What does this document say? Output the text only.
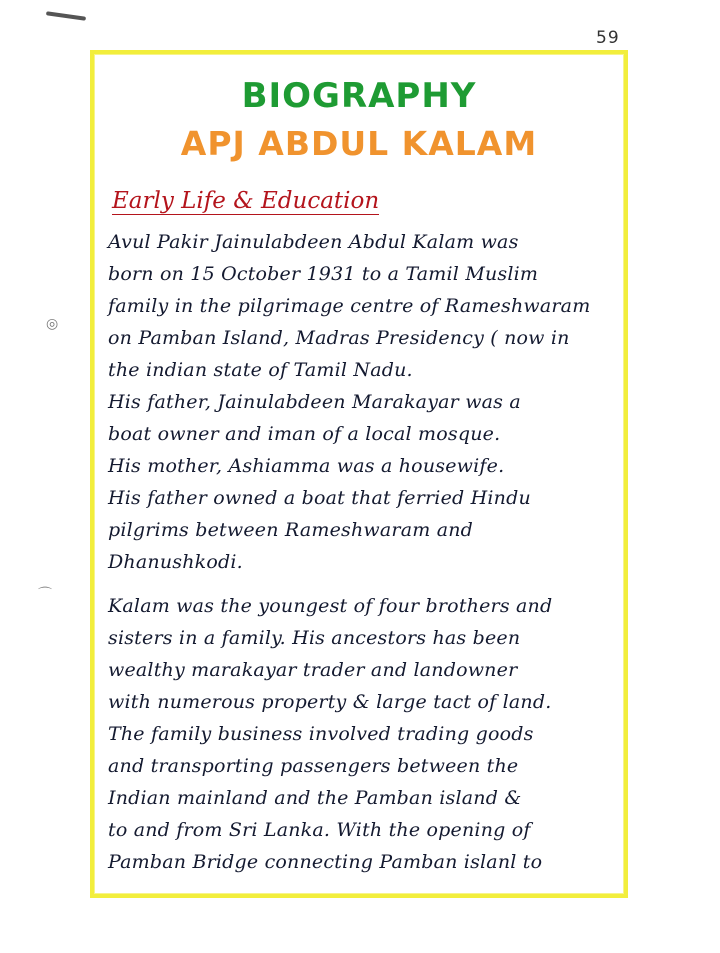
59
◎
⌒
BIOGRAPHY
APJ ABDUL KALAM
Early Life & Education
Avul Pakir Jainulabdeen Abdul Kalam was
born on 15 October 1931 to a Tamil Muslim
family in the pilgrimage centre of Rameshwaram
on Pamban Island, Madras Presidency ( now in
the indian state of Tamil Nadu.
His father, Jainulabdeen Marakayar was a
boat owner and iman of a local mosque.
His mother, Ashiamma was a housewife.
His father owned a boat that ferried Hindu
pilgrims between Rameshwaram and
Dhanushkodi.
Kalam was the youngest of four brothers and
sisters in a family. His ancestors has been
wealthy marakayar trader and landowner
with numerous property & large tact of land.
The family business involved trading goods
and transporting passengers between the
Indian mainland and the Pamban island &
to and from Sri Lanka. With the opening of
Pamban Bridge connecting Pamban islanl to
